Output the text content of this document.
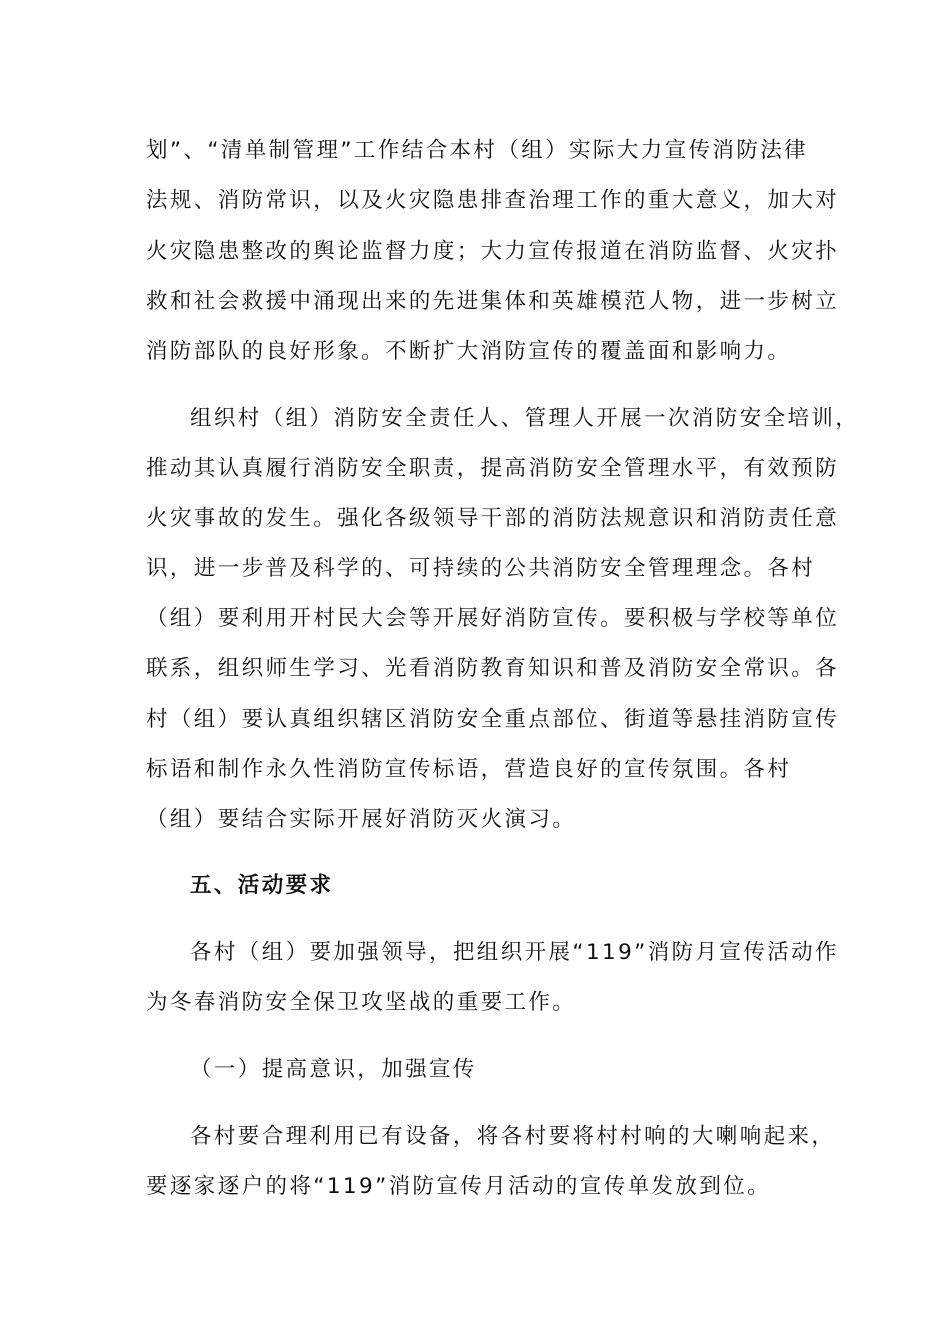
划”、“清单制管理”工作结合本村（组）实际大力宣传消防法律
法规、消防常识，以及火灾隐患排查治理工作的重大意义，加大对
火灾隐患整改的舆论监督力度；大力宣传报道在消防监督、火灾扑
救和社会救援中涌现出来的先进集体和英雄模范人物，进一步树立
消防部队的良好形象。不断扩大消防宣传的覆盖面和影响力。
组织村（组）消防安全责任人、管理人开展一次消防安全培训，
推动其认真履行消防安全职责，提高消防安全管理水平，有效预防
火灾事故的发生。强化各级领导干部的消防法规意识和消防责任意
识，进一步普及科学的、可持续的公共消防安全管理理念。各村
（组）要利用开村民大会等开展好消防宣传。要积极与学校等单位
联系，组织师生学习、光看消防教育知识和普及消防安全常识。各
村（组）要认真组织辖区消防安全重点部位、街道等悬挂消防宣传
标语和制作永久性消防宣传标语，营造良好的宣传氛围。各村
（组）要结合实际开展好消防灭火演习。
五、活动要求
各村（组）要加强领导，把组织开展“119”消防月宣传活动作
为冬春消防安全保卫攻坚战的重要工作。
（一）提高意识，加强宣传
各村要合理利用已有设备，将各村要将村村响的大喇响起来，
要逐家逐户的将“119”消防宣传月活动的宣传单发放到位。
